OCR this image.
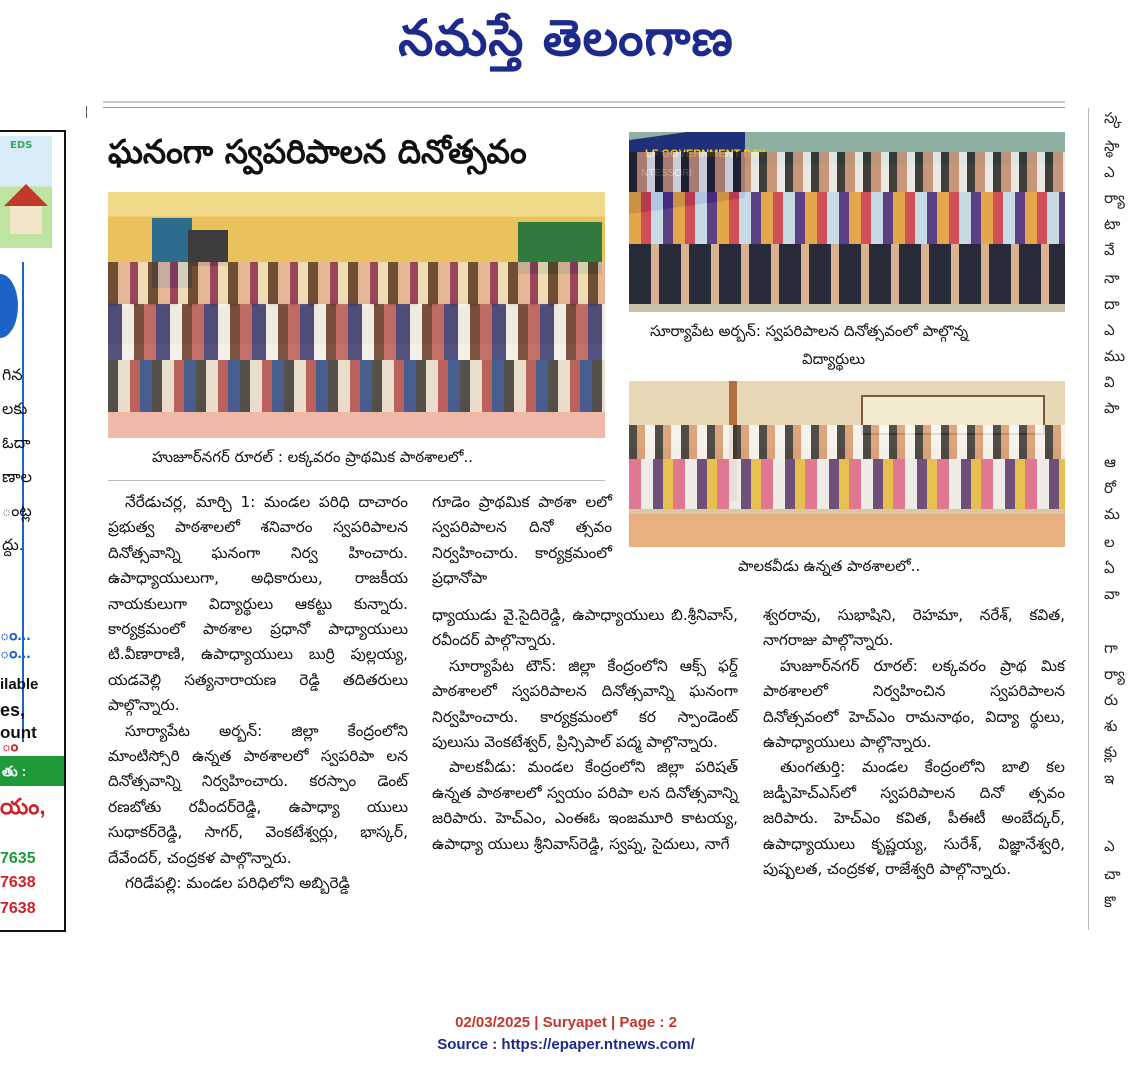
నమస్తే తెలంగాణ
EDS
గిన
లకు
ఓదా
ణాల
ంట్ల
ద్దు.
ం...
ం...
ilable
es,
ount
ం
తు :
యం,
7635
7638
7638
స్క
స్థా
ఎ
ర్యా
టా
వే
నా
దా
ఎ
ము
వి
పా
ఆ
రో
మ
ల
ఏ
వా
గా
ర్యా
రు
శు
క్లు
ఇ
ఎ
చా
కొ
ఘనంగా స్వపరిపాలన దినోత్సవం
హుజూర్‌నగర్ రూరల్ : లక్కవరం ప్రాథమిక పాఠశాలలో..
సూర్యాపేట అర్బన్: స్వపరిపాలన దినోత్సవంలో పాల్గొన్న
విద్యార్థులు
పాలకవీడు ఉన్నత పాఠశాలలో..

నేరేడుచర్ల, మార్చి 1: మండల పరిధి దాచారం ప్రభుత్వ పాఠశాలలో శనివారం స్వపరిపాలన దినోత్సవాన్ని ఘనంగా నిర్వ హించారు. ఉపాధ్యాయులుగా, అధికారులు, రాజకీయ నాయకులుగా విద్యార్థులు ఆకట్టు కున్నారు. కార్యక్రమంలో పాఠశాల ప్రధానో పాధ్యాయులు టి.వీణారాణి, ఉపాధ్యాయులు బుర్రి పుల్లయ్య, యడవెల్లి సత్యనారాయణ రెడ్డి తదితరులు పాల్గొన్నారు.

సూర్యాపేట అర్బన్: జిల్లా కేంద్రంలోని మాంటిస్సోరి ఉన్నత పాఠశాలలో స్వపరిపా లన దినోత్సవాన్ని నిర్వహించారు. కరస్పాం డెంట్ రణబోతు రవీందర్‌రెడ్డి, ఉపాధ్యా యులు సుధాకర్‌రెడ్డి, సాగర్, వెంకటేశ్వర్లు, భాస్కర్, దేవేందర్, చంద్రకళ పాల్గొన్నారు.

గరిడేపల్లి: మండల పరిధిలోని అబ్బిరెడ్డి

గూడెం ప్రాథమిక పాఠశా లలో స్వపరిపాలన దినో త్సవం నిర్వహించారు. కార్యక్రమంలో ప్రధానోపా

ధ్యాయుడు వై.సైదిరెడ్డి, ఉపాధ్యాయులు బి.శ్రీనివాస్, రవీందర్ పాల్గొన్నారు.

సూర్యాపేట టౌన్: జిల్లా కేంద్రంలోని ఆక్స్ ఫర్డ్ పాఠశాలలో స్వపరిపాలన దినోత్సవాన్ని ఘనంగా నిర్వహించారు. కార్యక్రమంలో కర స్పాండెంట్ పులుసు వెంకటేశ్వర్, ప్రిన్సిపాల్ పద్మ పాల్గొన్నారు.

పాలకవీడు: మండల కేంద్రంలోని జిల్లా పరిషత్ ఉన్నత పాఠశాలలో స్వయం పరిపా లన దినోత్సవాన్ని జరిపారు. హెచ్‌ఎం, ఎంఈఓ ఇంజమూరి కాటయ్య, ఉపాధ్యా యులు శ్రీనివాస్‌రెడ్డి, స్వప్న, సైదులు, నాగే

శ్వరరావు, సుభాషిని, రెహమా, నరేశ్, కవిత, నాగరాజు పాల్గొన్నారు.

హుజూర్‌నగర్ రూరల్: లక్కవరం ప్రాథ మిక పాఠశాలలో నిర్వహించిన స్వపరిపాలన దినోత్సవంలో హెచ్‌ఎం రామనాథం, విద్యా ర్థులు, ఉపాధ్యాయులు పాల్గొన్నారు.

తుంగతుర్తి: మండల కేంద్రంలోని బాలి కల జడ్పీహెచ్‌ఎస్‌లో స్వపరిపాలన దినో త్సవం జరిపారు. హెచ్‌ఎం కవిత, పీఈటీ అంబేద్కర్, ఉపాధ్యాయులు కృష్ణయ్య, సురేశ్, విజ్ఞానేశ్వరి, పుష్పలత, చంద్రకళ, రాజేశ్వరి పాల్గొన్నారు.

02/03/2025 | Suryapet | Page : 2
Source : https://epaper.ntnews.com/
